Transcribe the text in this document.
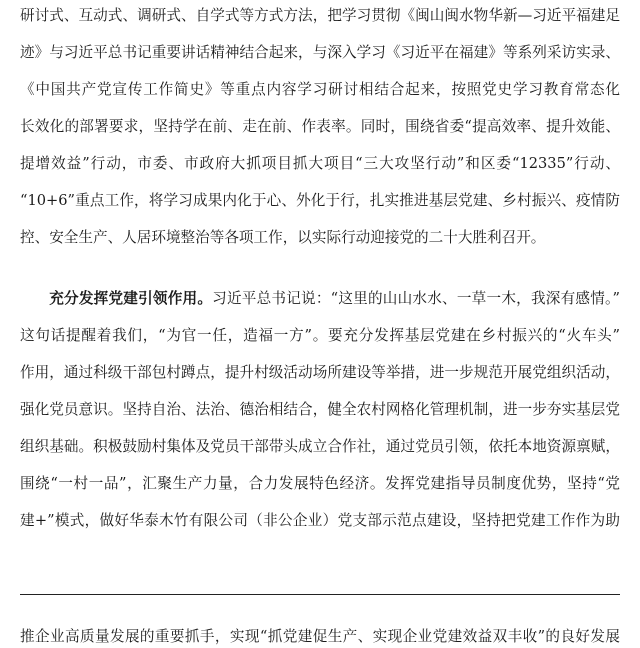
研讨式、互动式、调研式、自学式等方式方法，把学习贯彻《闽山闽水物华新—习近平福建足
迹》与习近平总书记重要讲话精神结合起来，与深入学习《习近平在福建》等系列采访实录、
《中国共产党宣传工作简史》等重点内容学习研讨相结合起来，按照党史学习教育常态化
长效化的部署要求，坚持学在前、走在前、作表率。同时，围绕省委“提高效率、提升效能、
提增效益”行动，市委、市政府大抓项目抓大项目“三大攻坚行动”和区委“12335”行动、
“10+6”重点工作，将学习成果内化于心、外化于行，扎实推进基层党建、乡村振兴、疫情防
控、安全生产、人居环境整治等各项工作，以实际行动迎接党的二十大胜利召开。
充分发挥党建引领作用。习近平总书记说：“这里的山山水水、一草一木，我深有感情。”
这句话提醒着我们，“为官一任，造福一方”。要充分发挥基层党建在乡村振兴的“火车头”
作用，通过科级干部包村蹲点，提升村级活动场所建设等举措，进一步规范开展党组织活动，
强化党员意识。坚持自治、法治、德治相结合，健全农村网格化管理机制，进一步夯实基层党
组织基础。积极鼓励村集体及党员干部带头成立合作社，通过党员引领，依托本地资源禀赋，
围绕“一村一品”，汇聚生产力量，合力发展特色经济。发挥党建指导员制度优势，坚持“党
建+”模式，做好华泰木竹有限公司（非公企业）党支部示范点建设，坚持把党建工作作为助
推企业高质量发展的重要抓手，实现“抓党建促生产、实现企业党建效益双丰收”的良好发展
